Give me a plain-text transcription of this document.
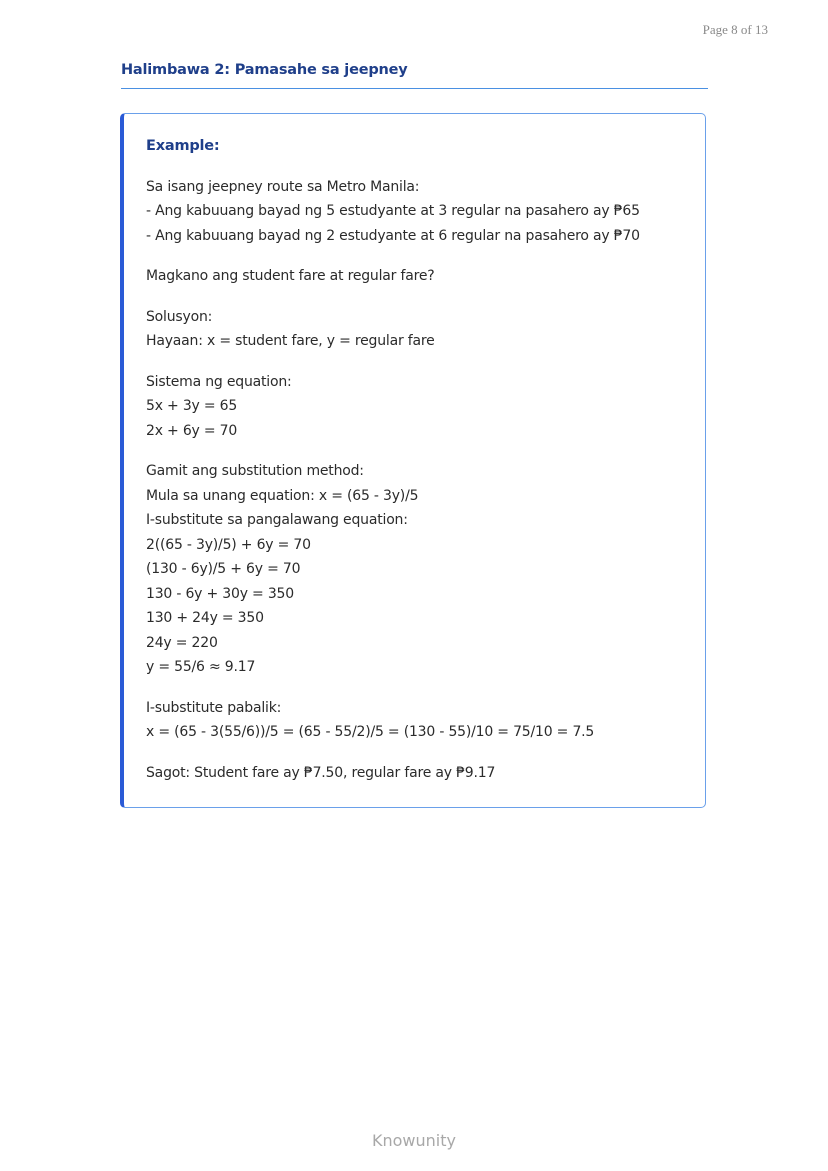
Page 8 of 13
Halimbawa 2: Pamasahe sa jeepney
Example:
Sa isang jeepney route sa Metro Manila:
- Ang kabuuang bayad ng 5 estudyante at 3 regular na pasahero ay ₱65
- Ang kabuuang bayad ng 2 estudyante at 6 regular na pasahero ay ₱70
Magkano ang student fare at regular fare?
Solusyon:
Hayaan: x = student fare, y = regular fare
Sistema ng equation:
5x + 3y = 65
2x + 6y = 70
Gamit ang substitution method:
Mula sa unang equation: x = (65 - 3y)/5
I-substitute sa pangalawang equation:
2((65 - 3y)/5) + 6y = 70
(130 - 6y)/5 + 6y = 70
130 - 6y + 30y = 350
130 + 24y = 350
24y = 220
y = 55/6 ≈ 9.17
I-substitute pabalik:
x = (65 - 3(55/6))/5 = (65 - 55/2)/5 = (130 - 55)/10 = 75/10 = 7.5
Sagot: Student fare ay ₱7.50, regular fare ay ₱9.17
Knowunity
